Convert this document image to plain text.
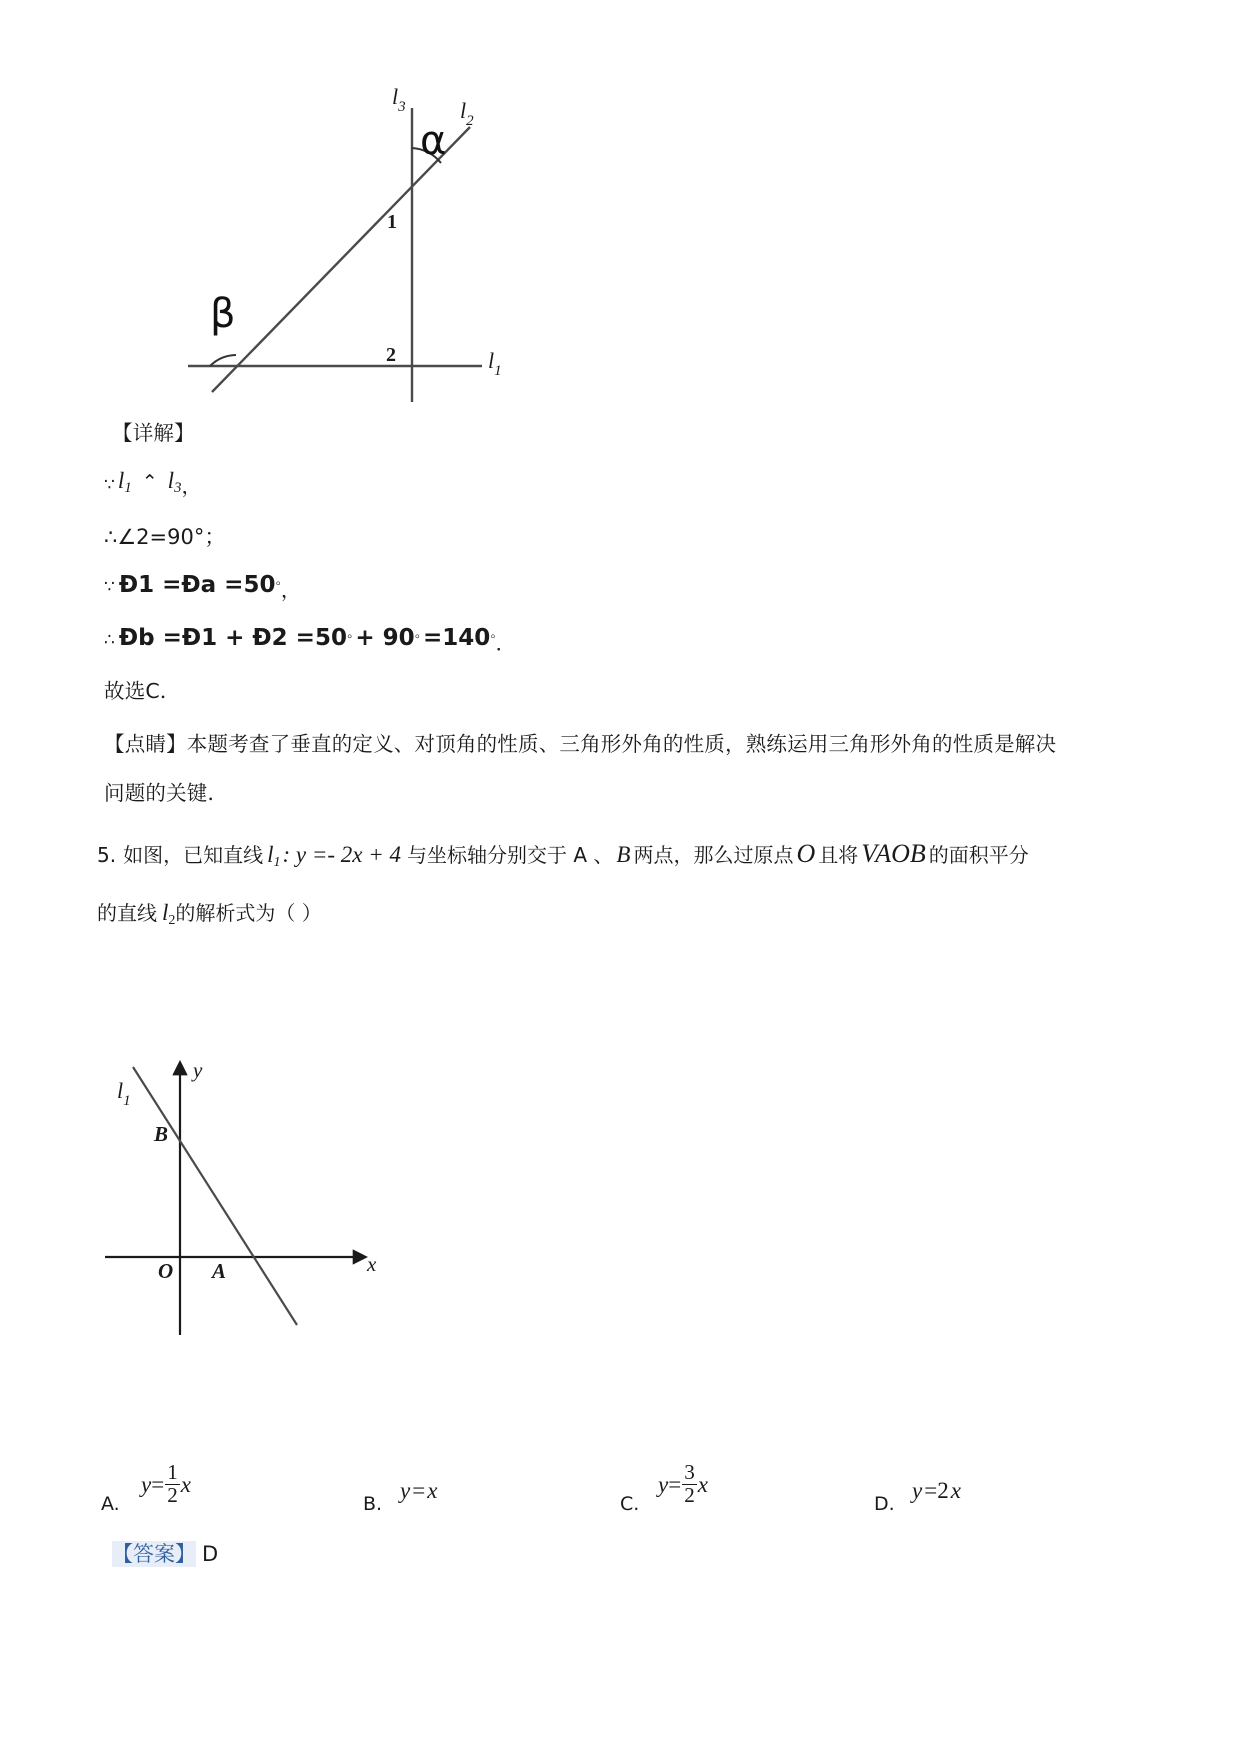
$l_3$ $l_2$
$l_1$
α
β
1
2
【详解】
∵ l1 ⌃ l3，
∴∠2=90°；
∵ Đ1 =Đa =50◦，
∴ Đb =Đ1 + Đ2 =50◦ + 90◦ =140◦．
故选C．
【点睛】本题考查了垂直的定义、对顶角的性质、三角形外角的性质，熟练运用三角形外角的性质是解决
问题的关键．
5. 如图，已知直线 l1: y =- 2x + 4 与坐标轴分别交于 A 、 B 两点，那么过原点 O 且将 VAOB 的面积平分
的直线 l2的解析式为（ ）
$l_1$
y
x
O A
B
A.
$y= \frac{1}{2}$ x
B.
y=x
C.
$y= \frac{3}{2}$ x
D.
y=2x
【答案】 D
